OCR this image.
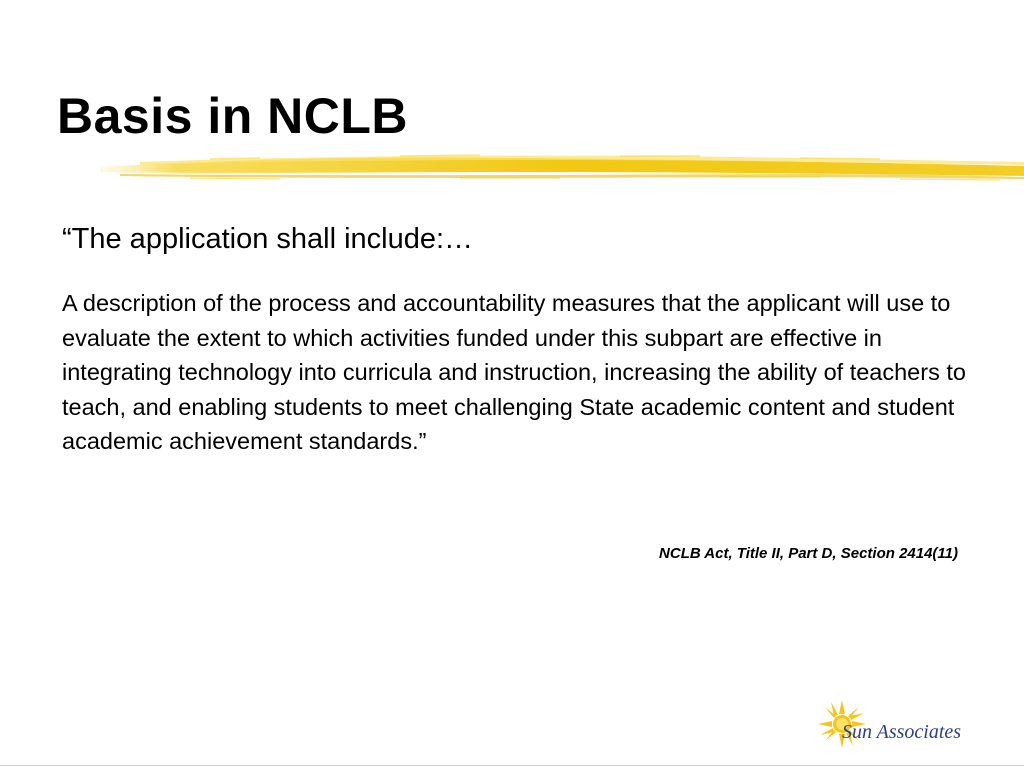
Basis in NCLB

“The application shall include:…

A description of the process and accountability measures that the applicant will use to evaluate the extent to which activities funded under this subpart are effective in integrating technology into curricula and instruction, increasing the ability of teachers to teach, and enabling students to meet challenging State academic content and student academic achievement standards.”

NCLB Act, Title II, Part D, Section 2414(11)

Sun Associates
